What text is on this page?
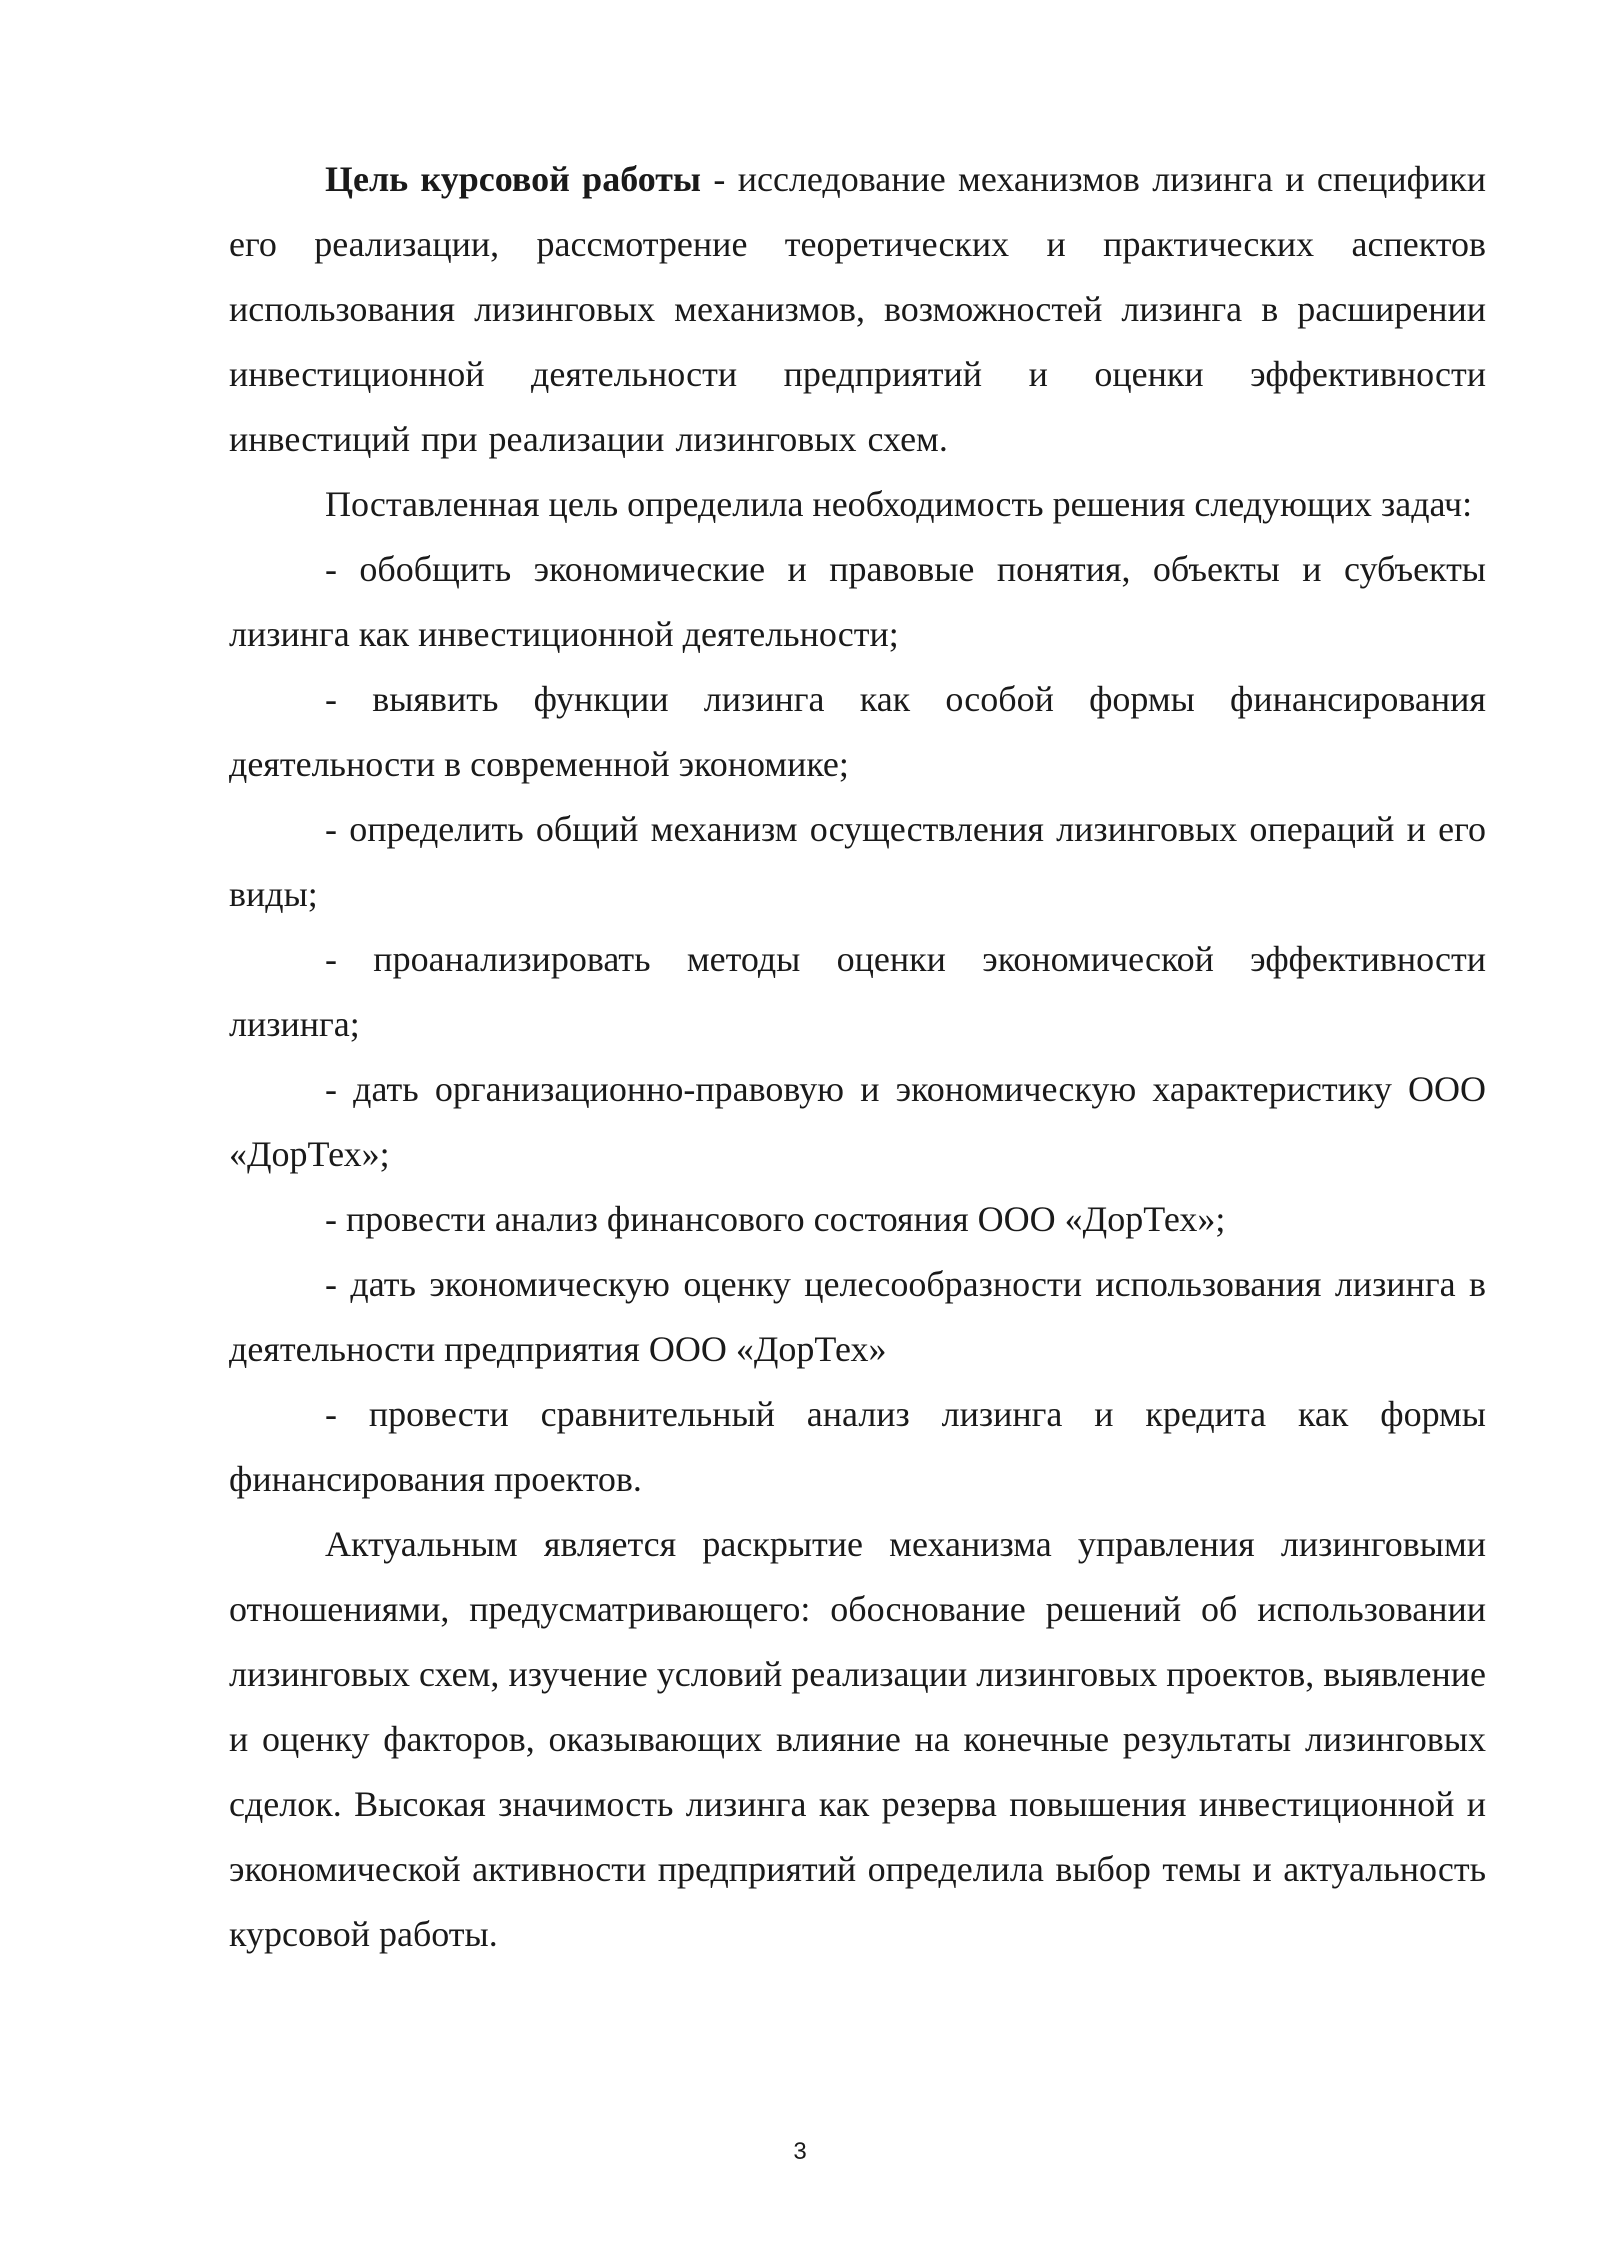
Цель курсовой работы - исследование механизмов лизинга и специфики его реализации, рассмотрение теоретических и практических аспектов использования лизинговых механизмов, возможностей лизинга в расширении инвестиционной деятельности предприятий и оценки эффективности инвестиций при реализации лизинговых схем.

Поставленная цель определила необходимость решения следующих задач:

- обобщить экономические и правовые понятия, объекты и субъекты лизинга как инвестиционной деятельности;

- выявить функции лизинга как особой формы финансирования деятельности в современной экономике;

- определить общий механизм осуществления лизинговых операций и его виды;

- проанализировать методы оценки экономической эффективности лизинга;

- дать организационно-правовую и экономическую характеристику ООО «ДорТех»;

- провести анализ финансового состояния ООО «ДорТех»;

- дать экономическую оценку целесообразности использования лизинга в деятельности предприятия ООО «ДорТех»

- провести сравнительный анализ лизинга и кредита как формы финансирования проектов.

Актуальным является раскрытие механизма управления лизинговыми отношениями, предусматривающего: обоснование решений об использовании лизинговых схем, изучение условий реализации лизинговых проектов, выявление и оценку факторов, оказывающих влияние на конечные результаты лизинговых сделок. Высокая значимость лизинга как резерва повышения инвестиционной и экономической активности предприятий определила выбор темы и актуальность курсовой работы.

3
